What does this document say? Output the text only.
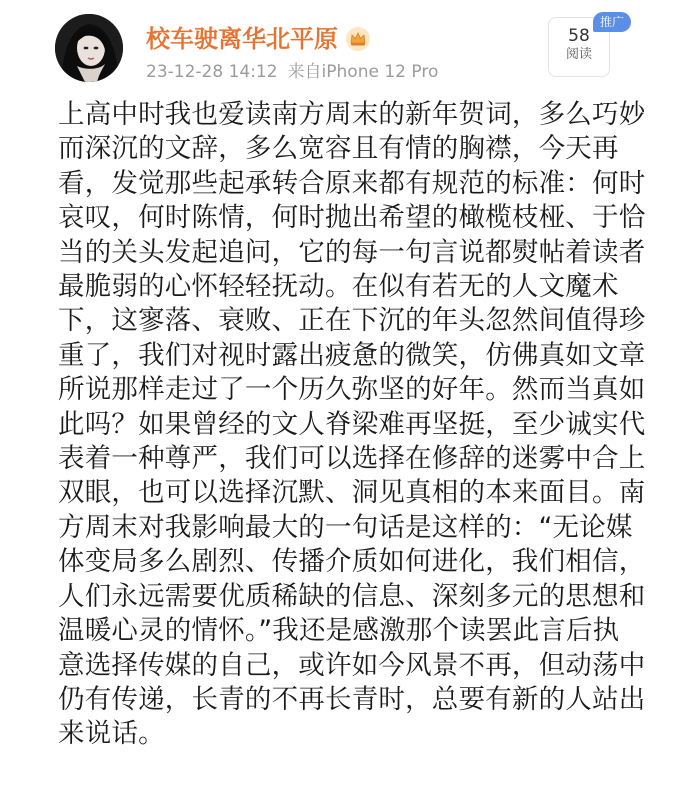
校车驶离华北平原
23-12-28 14:12 来自iPhone 12 Pro
58
阅读
推广
上高中时我也爱读南方周末的新年贺词，多么巧妙
而深沉的文辞，多么宽容且有情的胸襟，今天再
看，发觉那些起承转合原来都有规范的标准：何时
哀叹，何时陈情，何时抛出希望的橄榄枝桠、于恰
当的关头发起追问，它的每一句言说都熨帖着读者
最脆弱的心怀轻轻抚动。在似有若无的人文魔术
下，这寥落、衰败、正在下沉的年头忽然间值得珍
重了，我们对视时露出疲惫的微笑，仿佛真如文章
所说那样走过了一个历久弥坚的好年。然而当真如
此吗？如果曾经的文人脊梁难再坚挺，至少诚实代
表着一种尊严，我们可以选择在修辞的迷雾中合上
双眼，也可以选择沉默、洞见真相的本来面目。南
方周末对我影响最大的一句话是这样的：“无论媒
体变局多么剧烈、传播介质如何进化，我们相信，
人们永远需要优质稀缺的信息、深刻多元的思想和
温暖心灵的情怀。”我还是感激那个读罢此言后执
意选择传媒的自己，或许如今风景不再，但动荡中
仍有传递，长青的不再长青时，总要有新的人站出
来说话。
